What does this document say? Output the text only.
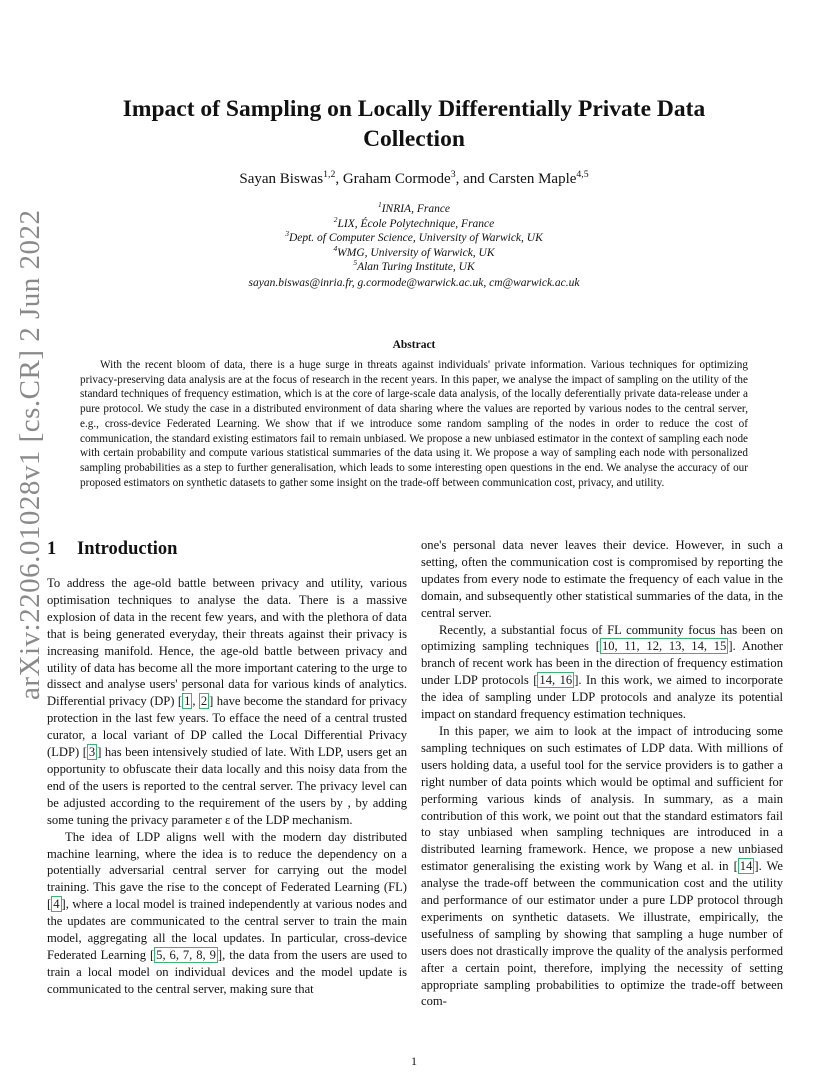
arXiv:2206.01028v1 [cs.CR] 2 Jun 2022
Impact of Sampling on Locally Differentially Private Data
Collection
Sayan Biswas$^{1,2}$, Graham Cormode$^3$, and Carsten Maple$^{4,5}$
$^1$INRIA, France
$^2$LIX, École Polytechnique, France
$^3$Dept. of Computer Science, University of Warwick, UK
$^4$WMG, University of Warwick, UK
$^5$Alan Turing Institute, UK
sayan.biswas@inria.fr, g.cormode@warwick.ac.uk, cm@warwick.ac.uk
Abstract
With the recent bloom of data, there is a huge surge in threats against individuals' private information. Various techniques for optimizing privacy-preserving data analysis are at the focus of research in the recent years. In this paper, we analyse the impact of sampling on the utility of the standard techniques of frequency estimation, which is at the core of large-scale data analysis, of the locally deferentially private data-release under a pure protocol. We study the case in a distributed environment of data sharing where the values are reported by various nodes to the central server, e.g., cross-device Federated Learning. We show that if we introduce some random sampling of the nodes in order to reduce the cost of communication, the standard existing estimators fail to remain unbiased. We propose a new unbiased estimator in the context of sampling each node with certain probability and compute various statistical summaries of the data using it. We propose a way of sampling each node with personalized sampling probabilities as a step to further generalisation, which leads to some interesting open questions in the end. We analyse the accuracy of our proposed estimators on synthetic datasets to gather some insight on the trade-off between communication cost, privacy, and utility.
1 Introduction

To address the age-old battle between privacy and utility, various optimisation techniques to analyse the data. There is a massive explosion of data in the recent few years, and with the plethora of data that is being generated everyday, their threats against their privacy is increasing manifold. Hence, the age-old battle between privacy and utility of data has become all the more important catering to the urge to dissect and analyse users' personal data for various kinds of analytics. Differential privacy (DP) [ 1 , 2 ] have become the standard for privacy protection in the last few years. To efface the need of a central trusted curator, a local variant of DP called the Local Differential Privacy (LDP) [ 3 ] has been intensively studied of late. With LDP, users get an opportunity to obfuscate their data locally and this noisy data from the end of the users is reported to the central server. The privacy level can be adjusted according to the requirement of the users by , by adding some tuning the privacy parameter ε of the LDP mechanism.

The idea of LDP aligns well with the modern day distributed machine learning, where the idea is to reduce the dependency on a potentially adversarial central server for carrying out the model training. This gave the rise to the concept of Federated Learning (FL) [ 4 ], where a local model is trained independently at various nodes and the updates are communicated to the central server to train the main model, aggregating all the local updates. In particular, cross-device Federated Learning [ 5, 6, 7, 8, 9 ], the data from the users are used to train a local model on individual devices and the model update is communicated to the central server, making sure that

one's personal data never leaves their device. However, in such a setting, often the communication cost is compromised by reporting the updates from every node to estimate the frequency of each value in the domain, and subsequently other statistical summaries of the data, in the central server.

Recently, a substantial focus of FL community focus has been on optimizing sampling techniques [ 10, 11, 12, 13, 14, 15 ]. Another branch of recent work has been in the direction of frequency estimation under LDP protocols [ 14, 16 ]. In this work, we aimed to incorporate the idea of sampling under LDP protocols and analyze its potential impact on standard frequency estimation techniques.

In this paper, we aim to look at the impact of introducing some sampling techniques on such estimates of LDP data. With millions of users holding data, a useful tool for the service providers is to gather a right number of data points which would be optimal and sufficient for performing various kinds of analysis. In summary, as a main contribution of this work, we point out that the standard estimators fail to stay unbiased when sampling techniques are introduced in a distributed learning framework. Hence, we propose a new unbiased estimator generalising the existing work by Wang et al. in [ 14 ]. We analyse the trade-off between the communication cost and the utility and performance of our estimator under a pure LDP protocol through experiments on synthetic datasets. We illustrate, empirically, the usefulness of sampling by showing that sampling a huge number of users does not drastically improve the quality of the analysis performed after a certain point, therefore, implying the necessity of setting appropriate sampling probabilities to optimize the trade-off between com-

1
